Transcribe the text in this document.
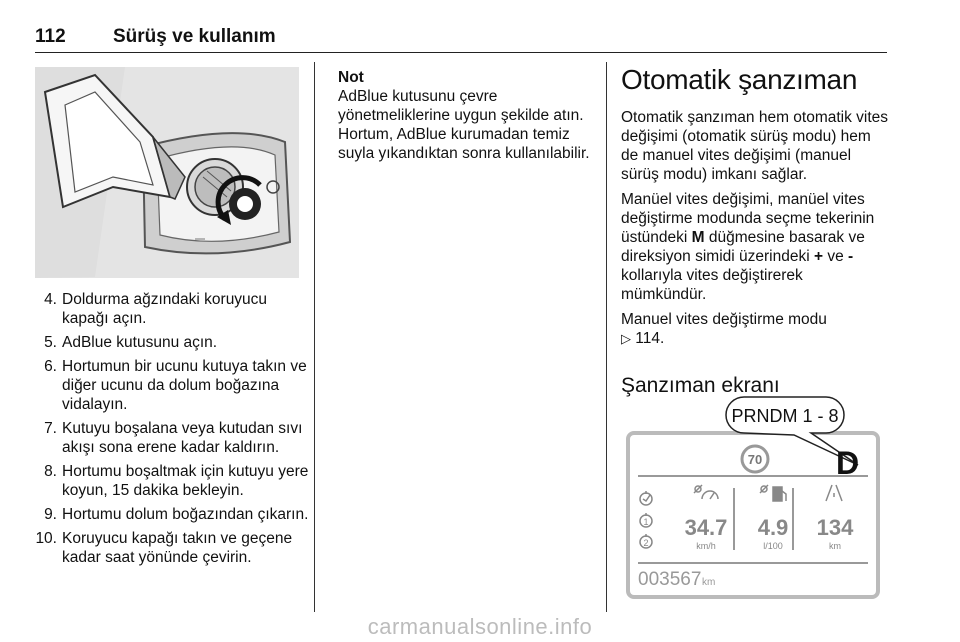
112 Sürüş ve kullanım
4. Doldurma ağzındaki koruyucu kapağı açın.
5. AdBlue kutusunu açın.
6. Hortumun bir ucunu kutuya takın ve diğer ucunu da dolum boğazına vidalayın.
7. Kutuyu boşalana veya kutudan sıvı akışı sona erene kadar kaldırın.
8. Hortumu boşaltmak için kutuyu yere koyun, 15 dakika bekleyin.
9. Hortumu dolum boğazından çıkarın.
10. Koruyucu kapağı takın ve geçene kadar saat yönünde çevirin.
Not
AdBlue kutusunu çevre yönetmeliklerine uygun şekilde atın. Hortum, AdBlue kurumadan temiz suyla yıkandıktan sonra kullanılabilir.
Otomatik şanzıman

Otomatik şanzıman hem otomatik vites değişimi (otomatik sürüş modu) hem de manuel vites değişimi (manuel sürüş modu) imkanı sağlar.

Manüel vites değişimi, manüel vites değiştirme modunda seçme tekerinin üstündeki M düğmesine basarak ve direksiyon simidi üzerindeki + ve - kollarıyla vites değiştirerek mümkündür.

Manuel vites değiştirme modu
▷ 114.

Şanzıman ekranı
PRNDM 1 - 8
70 D
1
2
34.7
km/h
4.9
l/100
134
km
003567 km
carmanualsonline.info
